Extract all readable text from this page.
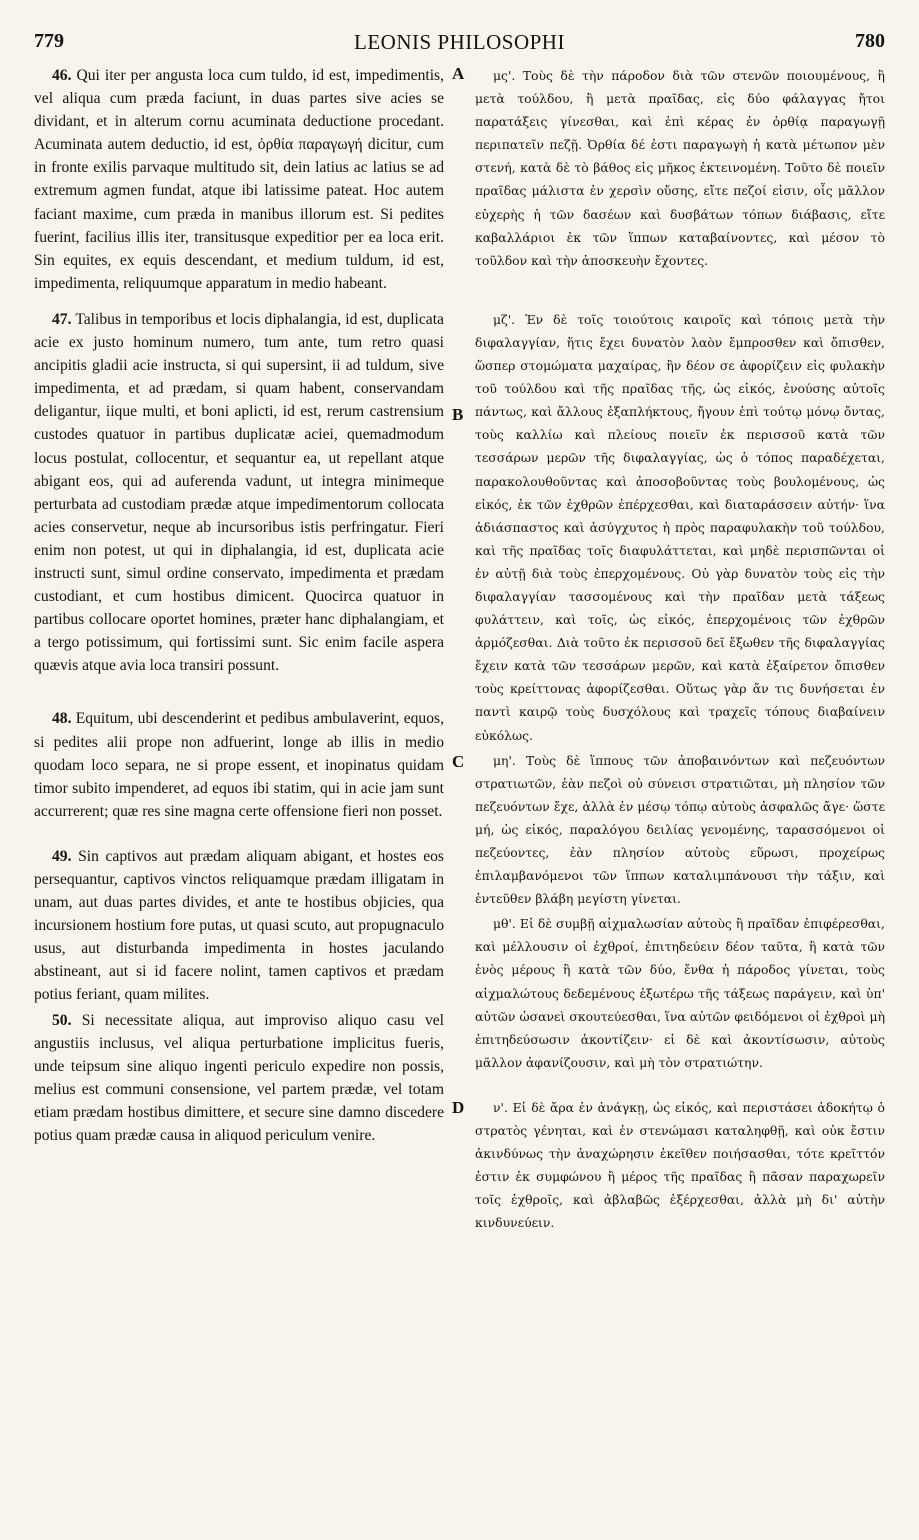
779	LEONIS PHILOSOPHI	780

46. Qui iter per angusta loca cum tuldo, id est, impedimentis, vel aliqua cum præda faciunt, in duas partes sive acies se dividant, et in alterum cornu acuminata deductione procedant. Acuminata autem deductio, id est, ὀρθία παραγωγή dicitur, cum in fronte exilis parvaque multitudo sit, dein latius ac latius se ad extremum agmen fundat, atque ibi latissime pateat. Hoc autem faciant maxime, cum præda in manibus illorum est. Si pedites fuerint, facilius illis iter, transitusque expeditior per ea loca erit. Sin equites, ex equis descendant, et medium tuldum, id est, impedimenta, reliquumque apparatum in medio habeant.

47. Talibus in temporibus et locis diphalangia, id est, duplicata acie ex justo hominum numero, tum ante, tum retro quasi ancipitis gladii acie instructa, si qui supersint, ii ad tuldum, sive impedimenta, et ad prædam, si quam habent, conservandam deligantur, iique multi, et boni aplicti, id est, rerum castrensium custodes quatuor in partibus duplicatæ aciei, quemadmodum locus postulat, collocentur, et sequantur ea, ut repellant atque abigant eos, qui ad auferenda vadunt, ut integra minimeque perturbata ad custodiam prædæ atque impedimentorum collocata acies conservetur, neque ab incursoribus istis perfringatur. Fieri enim non potest, ut qui in diphalangia, id est, duplicata acie instructi sunt, simul ordine conservato, impedimenta et prædam custodiant, et cum hostibus dimicent. Quocirca quatuor in partibus collocare oportet homines, præter hanc diphalangiam, et a tergo potissimum, qui fortissimi sunt. Sic enim facile aspera quævis atque avia loca transiri possunt.

48. Equitum, ubi descenderint et pedibus ambulaverint, equos, si pedites alii prope non adfuerint, longe ab illis in medio quodam loco separa, ne si prope essent, et inopinatus quidam timor subito impenderet, ad equos ibi statim, qui in acie jam sunt accurrerent; quæ res sine magna certe offensione fieri non posset.

49. Sin captivos aut prædam aliquam abigant, et hostes eos persequantur, captivos vinctos reliquamque prædam illigatam in unam, aut duas partes divides, et ante te hostibus objicies, qua incursionem hostium fore putas, ut quasi scuto, aut propugnaculo usus, aut disturbanda impedimenta in hostes jaculando abstineant, aut si id facere nolint, tamen captivos et prædam potius feriant, quam milites.

50. Si necessitate aliqua, aut improviso aliquo casu vel angustiis inclusus, vel aliqua perturbatione implicitus fueris, unde teipsum sine aliquo ingenti periculo expedire non possis, melius est communi consensione, vel partem prædæ, vel totam etiam prædam hostibus dimittere, et secure sine damno discedere potius quam prædæ causa in aliquod periculum venire.

A
B
C
D

μς'. Τοὺς δὲ τὴν πάροδον διὰ τῶν στενῶν ποιουμένους, ἢ μετὰ τούλδου, ἢ μετὰ πραῖδας, εἰς δύο φάλαγγας ἤτοι παρατάξεις γίνεσθαι, καὶ ἐπὶ κέρας ἐν ὀρθίᾳ παραγωγῇ περιπατεῖν πεζῇ. Ὀρθία δέ ἐστι παραγωγὴ ἡ κατὰ μέτωπον μὲν στενή, κατὰ δὲ τὸ βάθος εἰς μῆκος ἐκτεινομένη. Τοῦτο δὲ ποιεῖν πραῖδας μάλιστα ἐν χερσὶν οὔσης, εἴτε πεζοί εἰσιν, οἷς μᾶλλον εὐχερὴς ἡ τῶν δασέων καὶ δυσβάτων τόπων διάβασις, εἴτε καβαλλάριοι ἐκ τῶν ἵππων καταβαίνοντες, καὶ μέσον τὸ τοῦλδον καὶ τὴν ἀποσκευὴν ἔχοντες.

μζ'. Ἐν δὲ τοῖς τοιούτοις καιροῖς καὶ τόποις μετὰ τὴν διφαλαγγίαν, ἥτις ἔχει δυνατὸν λαὸν ἔμπροσθεν καὶ ὄπισθεν, ὥσπερ στομώματα μαχαίρας, ἣν δέον σε ἀφορίζειν εἰς φυλακὴν τοῦ τούλδου καὶ τῆς πραῖδας τῆς, ὡς εἰκός, ἐνούσης αὐτοῖς πάντως, καὶ ἄλλους ἐξαπλήκτους, ἤγουν ἐπὶ τούτῳ μόνῳ ὄντας, τοὺς καλλίω καὶ πλείους ποιεῖν ἐκ περισσοῦ κατὰ τῶν τεσσάρων μερῶν τῆς διφαλαγγίας, ὡς ὁ τόπος παραδέχεται, παρακολουθοῦντας καὶ ἀποσοβοῦντας τοὺς βουλομένους, ὡς εἰκός, ἐκ τῶν ἐχθρῶν ἐπέρχεσθαι, καὶ διαταράσσειν αὐτήν· ἵνα ἀδιάσπαστος καὶ ἀσύγχυτος ἡ πρὸς παραφυλακὴν τοῦ τούλδου, καὶ τῆς πραῖδας τοῖς διαφυλάττεται, καὶ μηδὲ περισπῶνται οἱ ἐν αὐτῇ διὰ τοὺς ἐπερχομένους. Οὐ γὰρ δυνατὸν τοὺς εἰς τὴν διφαλαγγίαν τασσομένους καὶ τὴν πραῖδαν μετὰ τάξεως φυλάττειν, καὶ τοῖς, ὡς εἰκός, ἐπερχομένοις τῶν ἐχθρῶν ἁρμόζεσθαι. Διὰ τοῦτο ἐκ περισσοῦ δεῖ ἔξωθεν τῆς διφαλαγγίας ἔχειν κατὰ τῶν τεσσάρων μερῶν, καὶ κατὰ ἐξαίρετον ὄπισθεν τοὺς κρείττονας ἀφορίζεσθαι. Οὕτως γὰρ ἄν τις δυνήσεται ἐν παντὶ καιρῷ τοὺς δυσχόλους καὶ τραχεῖς τόπους διαβαίνειν εὐκόλως.

μη'. Τοὺς δὲ ἵππους τῶν ἀποβαινόντων καὶ πεζευόντων στρατιωτῶν, ἐὰν πεζοὶ οὐ σύνεισι στρατιῶται, μὴ πλησίον τῶν πεζευόντων ἔχε, ἀλλὰ ἐν μέσῳ τόπῳ αὐτοὺς ἀσφαλῶς ἄγε· ὥστε μή, ὡς εἰκός, παραλόγου δειλίας γενομένης, ταρασσόμενοι οἱ πεζεύοντες, ἐὰν πλησίον αὐτοὺς εὕρωσι, προχείρως ἐπιλαμβανόμενοι τῶν ἵππων καταλιμπάνουσι τὴν τάξιν, καὶ ἐντεῦθεν βλάβη μεγίστη γίνεται.

μθ'. Εἰ δὲ συμβῇ αἰχμαλωσίαν αὐτοὺς ἢ πραῖδαν ἐπιφέρεσθαι, καὶ μέλλουσιν οἱ ἐχθροί, ἐπιτηδεύειν δέον ταῦτα, ἢ κατὰ τῶν ἑνὸς μέρους ἢ κατὰ τῶν δύο, ἔνθα ἡ πάροδος γίνεται, τοὺς αἰχμαλώτους δεδεμένους ἐξωτέρω τῆς τάξεως παράγειν, καὶ ὑπ' αὐτῶν ὡσανεὶ σκουτεύεσθαι, ἵνα αὐτῶν φειδόμενοι οἱ ἐχθροὶ μὴ ἐπιτηδεύσωσιν ἀκοντίζειν· εἰ δὲ καὶ ἀκοντίσωσιν, αὐτοὺς μᾶλλον ἀφανίζουσιν, καὶ μὴ τὸν στρατιώτην.

ν'. Εἰ δὲ ἄρα ἐν ἀνάγκῃ, ὡς εἰκός, καὶ περιστάσει ἀδοκήτῳ ὁ στρατὸς γένηται, καὶ ἐν στενώμασι καταληφθῇ, καὶ οὐκ ἔστιν ἀκινδύνως τὴν ἀναχώρησιν ἐκεῖθεν ποιήσασθαι, τότε κρεῖττόν ἐστιν ἐκ συμφώνου ἢ μέρος τῆς πραῖδας ἢ πᾶσαν παραχωρεῖν τοῖς ἐχθροῖς, καὶ ἀβλαβῶς ἐξέρχεσθαι, ἀλλὰ μὴ δι' αὐτὴν κινδυνεύειν.
